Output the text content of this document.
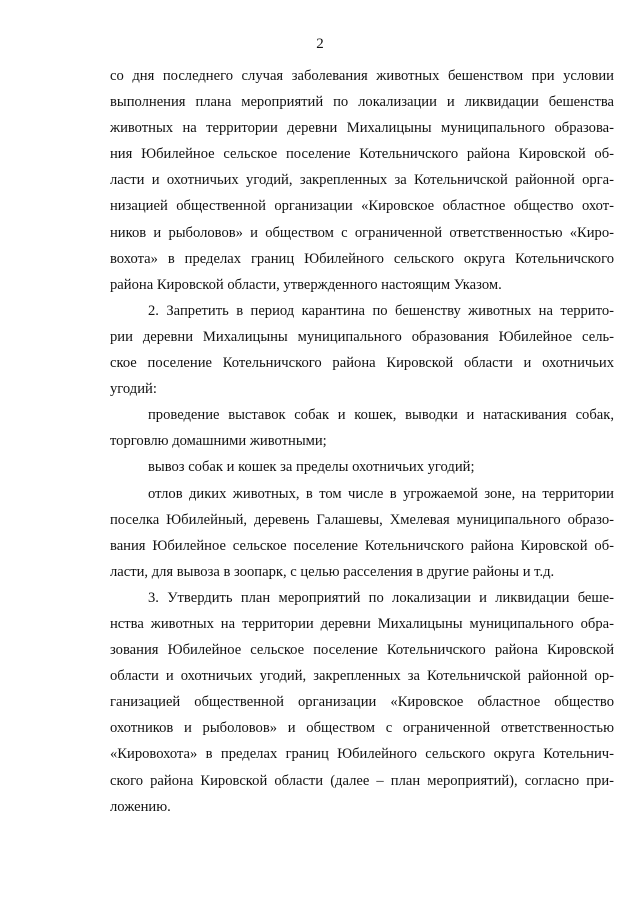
2

со дня последнего случая заболевания животных бешенством при условии
выполнения плана мероприятий по локализации и ликвидации бешенства
животных на территории деревни Михалицыны муниципального образова-
ния Юбилейное сельское поселение Котельничского района Кировской об-
ласти и охотничьих угодий, закрепленных за Котельничской районной орга-
низацией общественной организации «Кировское областное общество охот-
ников и рыболовов» и обществом с ограниченной ответственностью «Киро-
вохота» в пределах границ Юбилейного сельского округа Котельничского
района Кировской области, утвержденного настоящим Указом.

2. Запретить в период карантина по бешенству животных на террито-
рии деревни Михалицыны муниципального образования Юбилейное сель-
ское поселение Котельничского района Кировской области и охотничьих
угодий:

проведение выставок собак и кошек, выводки и натаскивания собак,
торговлю домашними животными;

вывоз собак и кошек за пределы охотничьих угодий;

отлов диких животных, в том числе в угрожаемой зоне, на территории
поселка Юбилейный, деревень Галашевы, Хмелевая муниципального образо-
вания Юбилейное сельское поселение Котельничского района Кировской об-
ласти, для вывоза в зоопарк, с целью расселения в другие районы и т.д.

3. Утвердить план мероприятий по локализации и ликвидации беше-
нства животных на территории деревни Михалицыны муниципального обра-
зования Юбилейное сельское поселение Котельничского района Кировской
области и охотничьих угодий, закрепленных за Котельничской районной ор-
ганизацией общественной организации «Кировское областное общество
охотников и рыболовов» и обществом с ограниченной ответственностью
«Кировохота» в пределах границ Юбилейного сельского округа Котельнич-
ского района Кировской области (далее – план мероприятий), согласно при-
ложению.
